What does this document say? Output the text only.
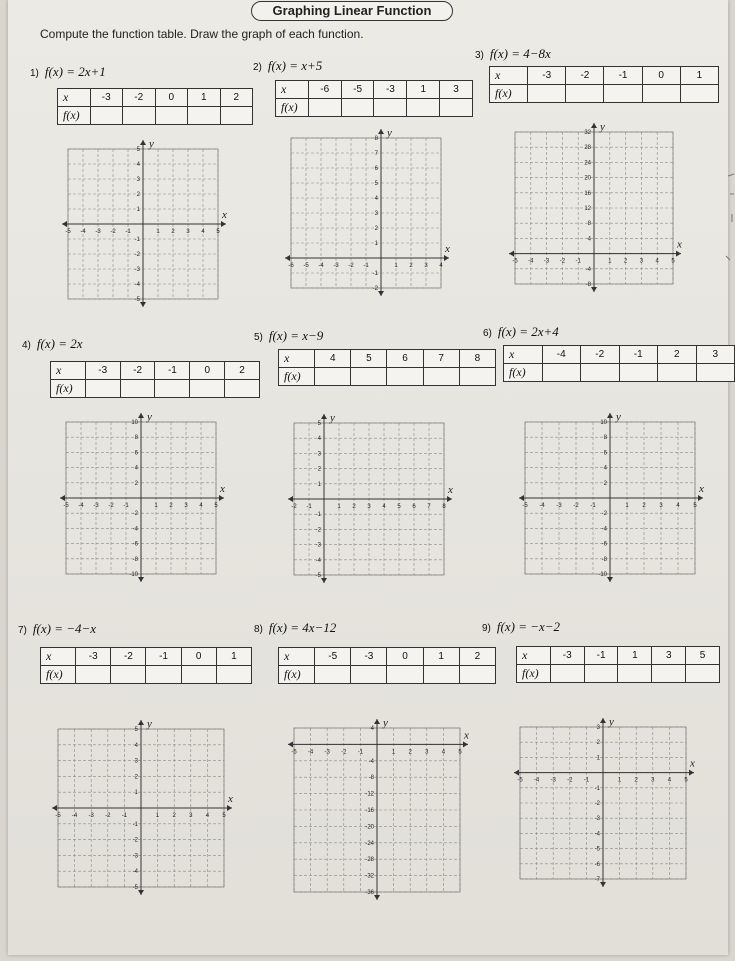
Graphing Linear Function
Compute the function table. Draw the graph of each function.
1) f(x) = 2x+1
x	-3	-2	0	1	2
f(x)					
-5 -4 -3 -2 -1	1 2 3 4 5
5
4
3
2
1
-1
-2
-3
-4
-5
x
y
2) f(x) = x+5
x	-6	-5	-3	1	3
f(x)					
-6 -5 -4 -3 -2 -1	1 2 3 4
8
7
6
5
4
3
2
1
-1
-2
x
y
3) f(x) = 4−8x
x	-3	-2	-1	0	1
f(x)					
-5 -4 -3 -2 -1	1 2 3 4 5
32
28
24
20
16
12
8
4
-4
-8
x
y
4) f(x) = 2x
x	-3	-2	-1	0	2
f(x)					
-5 -4 -3 -2 -1	1 2 3 4 5
10
8
6
4
2
-2
-4
-6
-8
-10
x
y
5) f(x) = x−9
x	4	5	6	7	8
f(x)					
-2 -1	1 2 3 4 5 6 7 8
5
4
3
2
1
-1
-2
-3
-4
-5
x
y
6) f(x) = 2x+4
x	-4	-2	-1	2	3
f(x)					
-5 -4 -3 -2 -1	1 2 3 4 5
10
8
6
4
2
-2
-4
-6
-8
-10
x
y
7) f(x) = −4−x
x	-3	-2	-1	0	1
f(x)					
-5 -4 -3 -2 -1	1 2 3 4 5
5
4
3
2
1
-1
-2
-3
-4
-5
x
y
8) f(x) = 4x−12
x	-5	-3	0	1	2
f(x)					
-5 -4 -3 -2 -1	1 2 3 4 5
4
-4
-8
-12
-16
-20
-24
-28
-32
-36
x
y
9) f(x) = −x−2
x	-3	-1	1	3	5
f(x)					
-5 -4 -3 -2 -1	1 2 3 4 5
3
2
1
-1
-2
-3
-4
-5
-6
-7
x
y
